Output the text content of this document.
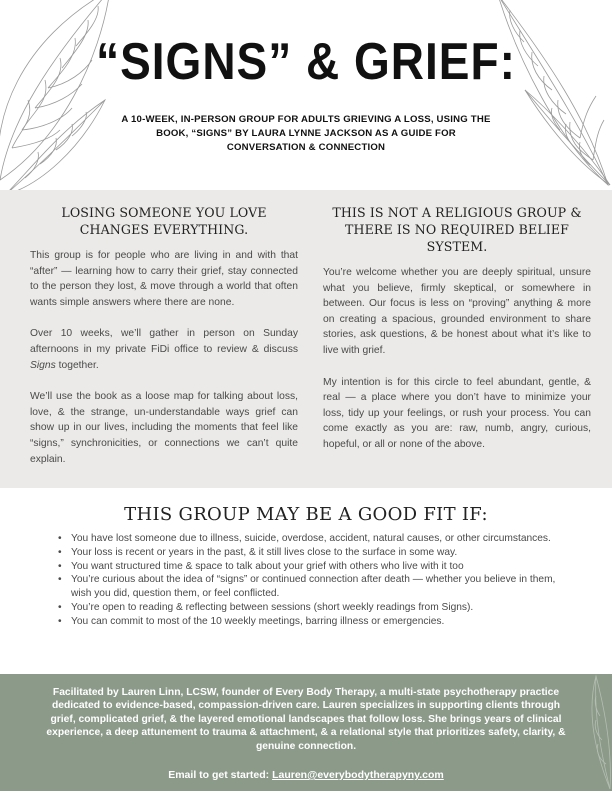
“SIGNS” & GRIEF:
A 10-WEEK, IN-PERSON GROUP FOR ADULTS GRIEVING A LOSS, USING THE BOOK, “SIGNS” BY LAURA LYNNE JACKSON AS A GUIDE FOR CONVERSATION & CONNECTION
LOSING SOMEONE YOU LOVE
CHANGES EVERYTHING.

This group is for people who are living in and with that “after” — learning how to carry their grief, stay connected to the person they lost, & move through a world that often wants simple answers where there are none.

Over 10 weeks, we’ll gather in person on Sunday afternoons in my private FiDi office to review & discuss Signs together.

We’ll use the book as a loose map for talking about loss, love, & the strange, un-understandable ways grief can show up in our lives, including the moments that feel like “signs,” synchronicities, or connections we can’t quite explain.

THIS IS NOT A RELIGIOUS GROUP &
THERE IS NO REQUIRED BELIEF SYSTEM.

You’re welcome whether you are deeply spiritual, unsure what you believe, firmly skeptical, or somewhere in between. Our focus is less on “proving” anything & more on creating a spacious, grounded environment to share stories, ask questions, & be honest about what it’s like to live with grief.

My intention is for this circle to feel abundant, gentle, & real — a place where you don’t have to minimize your loss, tidy up your feelings, or rush your process. You can come exactly as you are: raw, numb, angry, curious, hopeful, or all or none of the above.

THIS GROUP MAY BE A GOOD FIT IF:
• You have lost someone due to illness, suicide, overdose, accident, natural causes, or other circumstances.
• Your loss is recent or years in the past, & it still lives close to the surface in some way.
• You want structured time & space to talk about your grief with others who live with it too
• You’re curious about the idea of “signs” or continued connection after death — whether you believe in them, wish you did, question them, or feel conflicted.
• You’re open to reading & reflecting between sessions (short weekly readings from Signs).
• You can commit to most of the 10 weekly meetings, barring illness or emergencies.
Facilitated by Lauren Linn, LCSW, founder of Every Body Therapy, a multi-state psychotherapy practice dedicated to evidence-based, compassion-driven care. Lauren specializes in supporting clients through grief, complicated grief, & the layered emotional landscapes that follow loss. She brings years of clinical experience, a deep attunement to trauma & attachment, & a relational style that prioritizes safety, clarity, & genuine connection.
Email to get started: Lauren@everybodytherapyny.com
